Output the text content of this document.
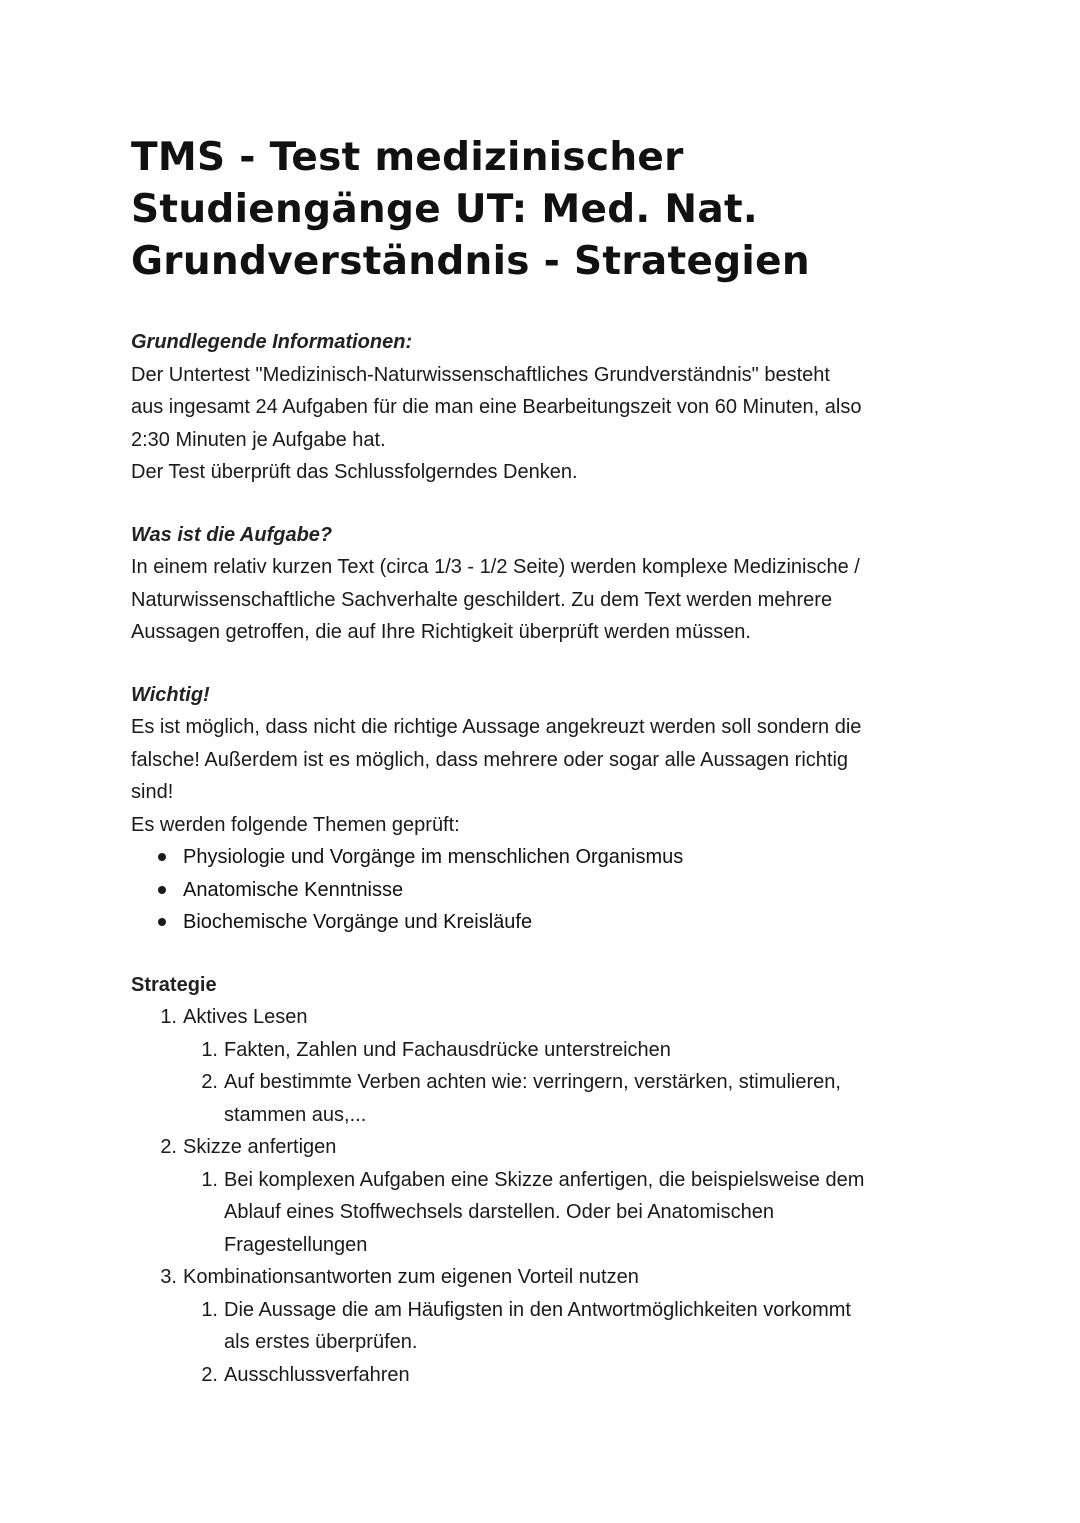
TMS - Test medizinischer Studiengänge UT: Med. Nat. Grundverständnis - Strategien
Grundlegende Informationen:

Der Untertest "Medizinisch-Naturwissenschaftliches Grundverständnis" besteht

aus ingesamt 24 Aufgaben für die man eine Bearbeitungszeit von 60 Minuten, also

2:30 Minuten je Aufgabe hat.

Der Test überprüft das Schlussfolgerndes Denken.

Was ist die Aufgabe?

In einem relativ kurzen Text (circa 1/3 - 1/2 Seite) werden komplexe Medizinische /

Naturwissenschaftliche Sachverhalte geschildert. Zu dem Text werden mehrere

Aussagen getroffen, die auf Ihre Richtigkeit überprüft werden müssen.

Wichtig!

Es ist möglich, dass nicht die richtige Aussage angekreuzt werden soll sondern die

falsche! Außerdem ist es möglich, dass mehrere oder sogar alle Aussagen richtig

sind!

Es werden folgende Themen geprüft:

Physiologie und Vorgänge im menschlichen Organismus
Anatomische Kenntnisse
Biochemische Vorgänge und Kreisläufe
Strategie
1. Aktives Lesen
1. Fakten, Zahlen und Fachausdrücke unterstreichen
2. Auf bestimmte Verben achten wie: verringern, verstärken, stimulieren,
stammen aus,...
2. Skizze anfertigen
1. Bei komplexen Aufgaben eine Skizze anfertigen, die beispielsweise dem
Ablauf eines Stoffwechsels darstellen. Oder bei Anatomischen
Fragestellungen
3. Kombinationsantworten zum eigenen Vorteil nutzen
1. Die Aussage die am Häufigsten in den Antwortmöglichkeiten vorkommt
als erstes überprüfen.
2. Ausschlussverfahren
